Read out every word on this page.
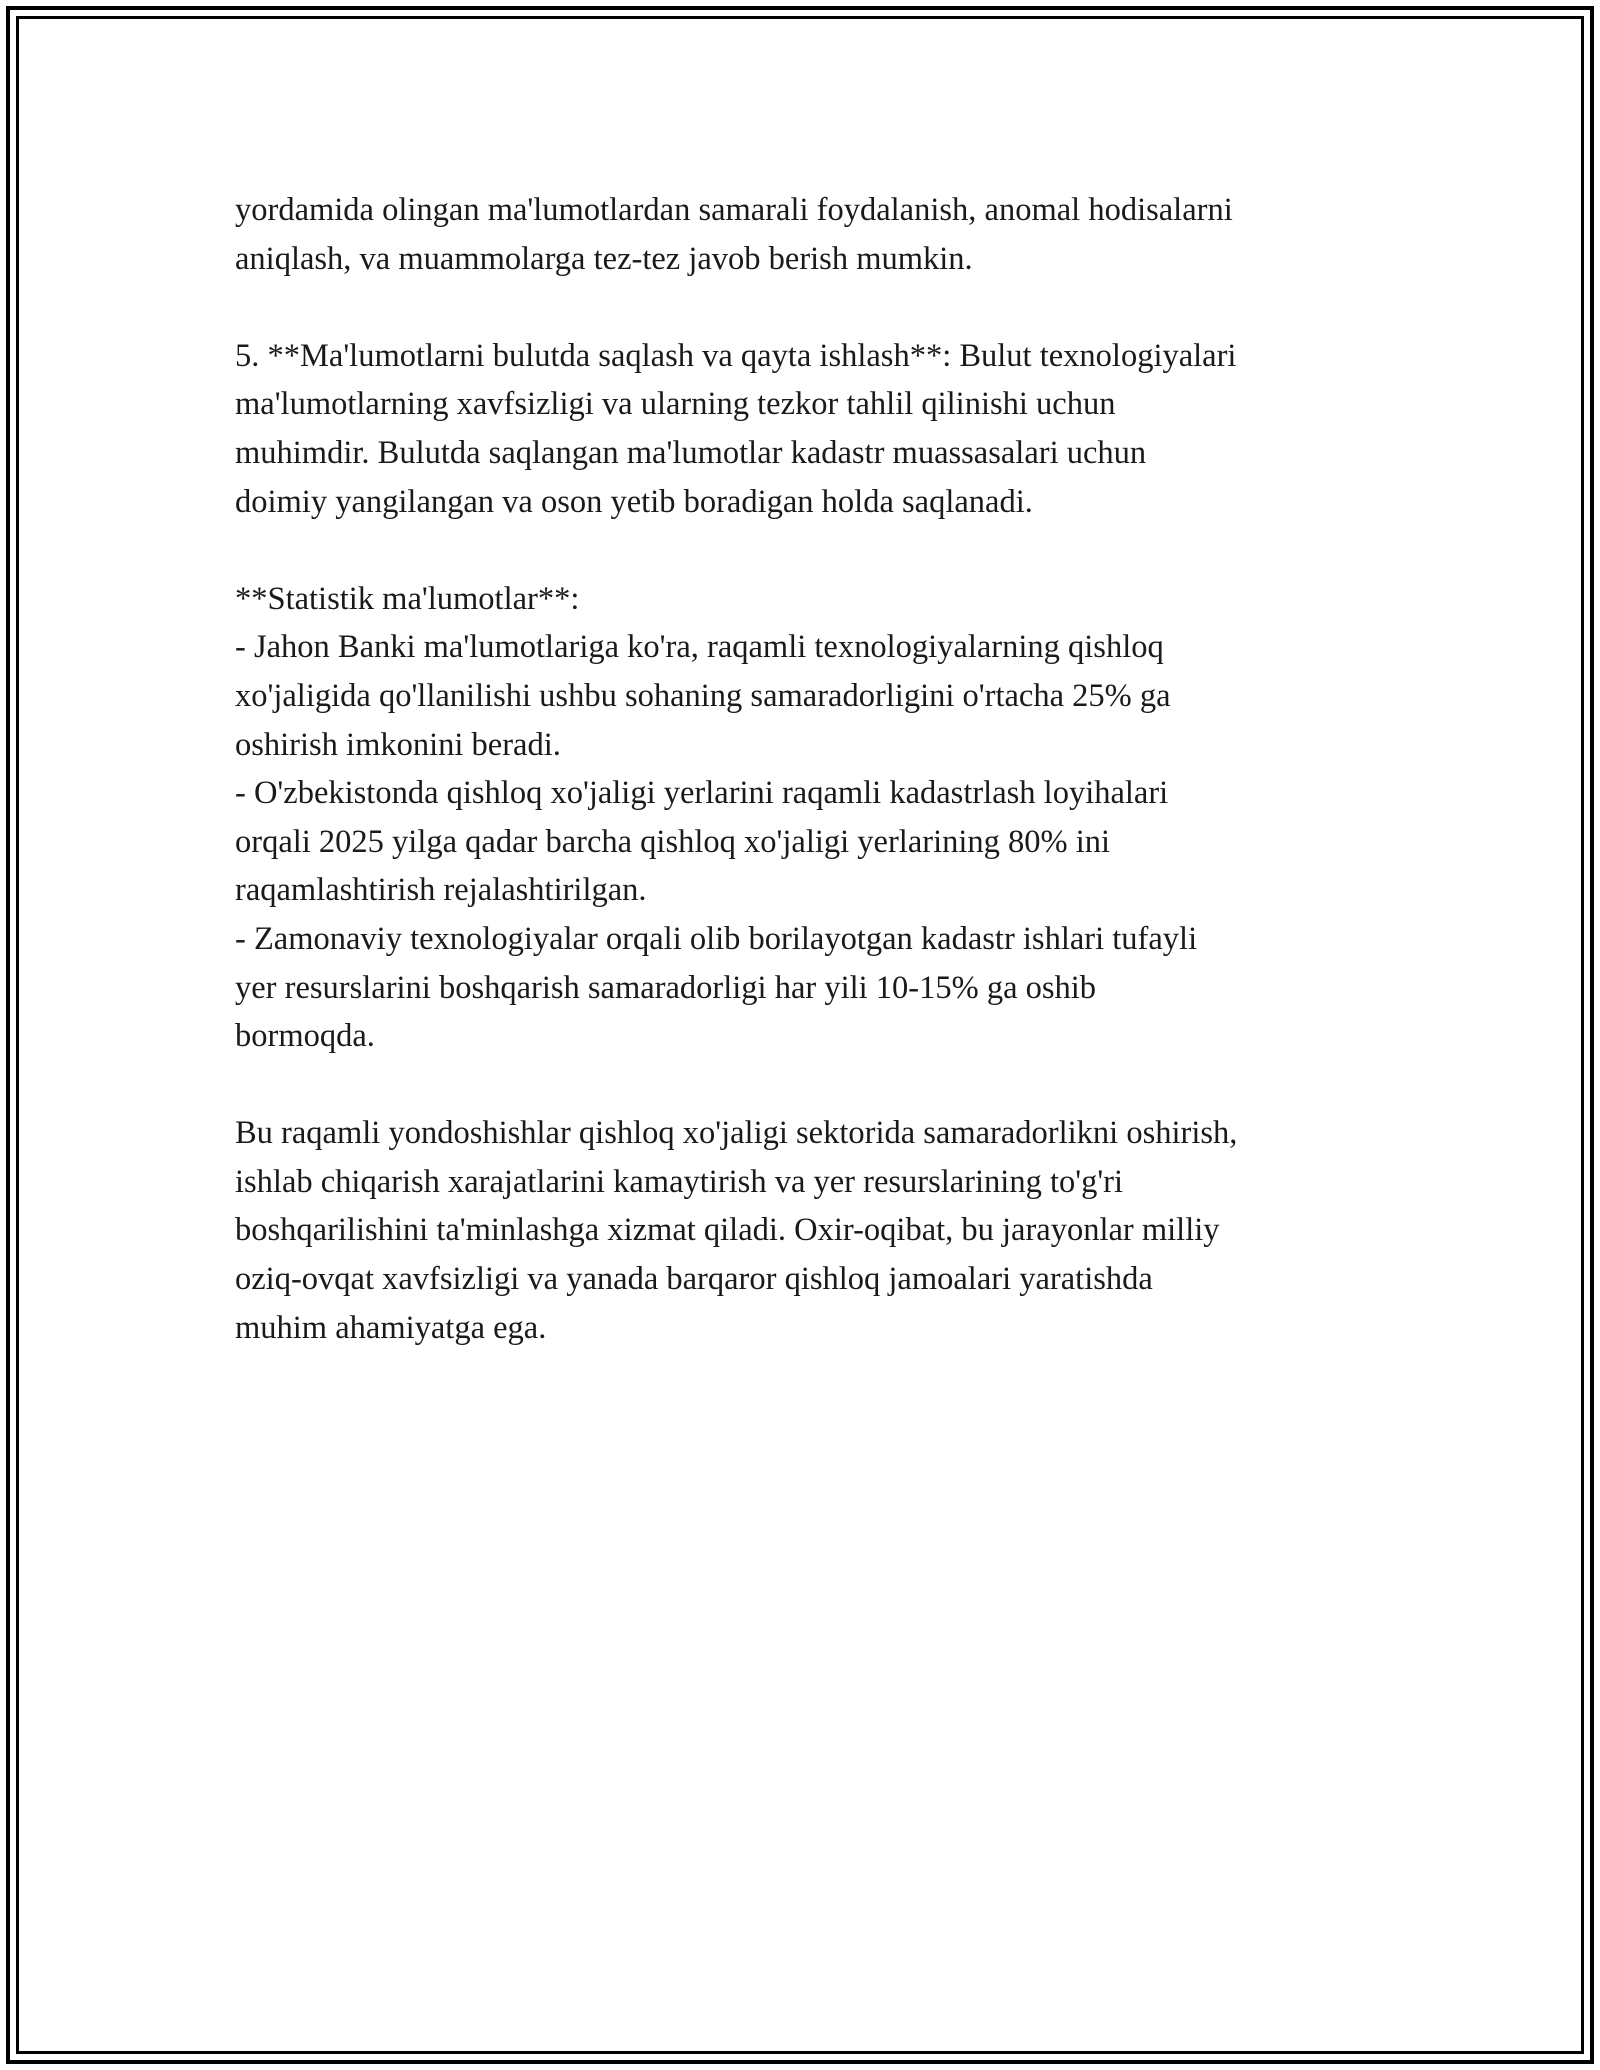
yordamida olingan ma'lumotlardan samarali foydalanish, anomal hodisalarni
aniqlash, va muammolarga tez-tez javob berish mumkin.
5. **Ma'lumotlarni bulutda saqlash va qayta ishlash**: Bulut texnologiyalari
ma'lumotlarning xavfsizligi va ularning tezkor tahlil qilinishi uchun
muhimdir. Bulutda saqlangan ma'lumotlar kadastr muassasalari uchun
doimiy yangilangan va oson yetib boradigan holda saqlanadi.
**Statistik ma'lumotlar**:
- Jahon Banki ma'lumotlariga ko'ra, raqamli texnologiyalarning qishloq
xo'jaligida qo'llanilishi ushbu sohaning samaradorligini o'rtacha 25% ga
oshirish imkonini beradi.
- O'zbekistonda qishloq xo'jaligi yerlarini raqamli kadastrlash loyihalari
orqali 2025 yilga qadar barcha qishloq xo'jaligi yerlarining 80% ini
raqamlashtirish rejalashtirilgan.
- Zamonaviy texnologiyalar orqali olib borilayotgan kadastr ishlari tufayli
yer resurslarini boshqarish samaradorligi har yili 10-15% ga oshib
bormoqda.
Bu raqamli yondoshishlar qishloq xo'jaligi sektorida samaradorlikni oshirish,
ishlab chiqarish xarajatlarini kamaytirish va yer resurslarining to'g'ri
boshqarilishini ta'minlashga xizmat qiladi. Oxir-oqibat, bu jarayonlar milliy
oziq-ovqat xavfsizligi va yanada barqaror qishloq jamoalari yaratishda
muhim ahamiyatga ega.
